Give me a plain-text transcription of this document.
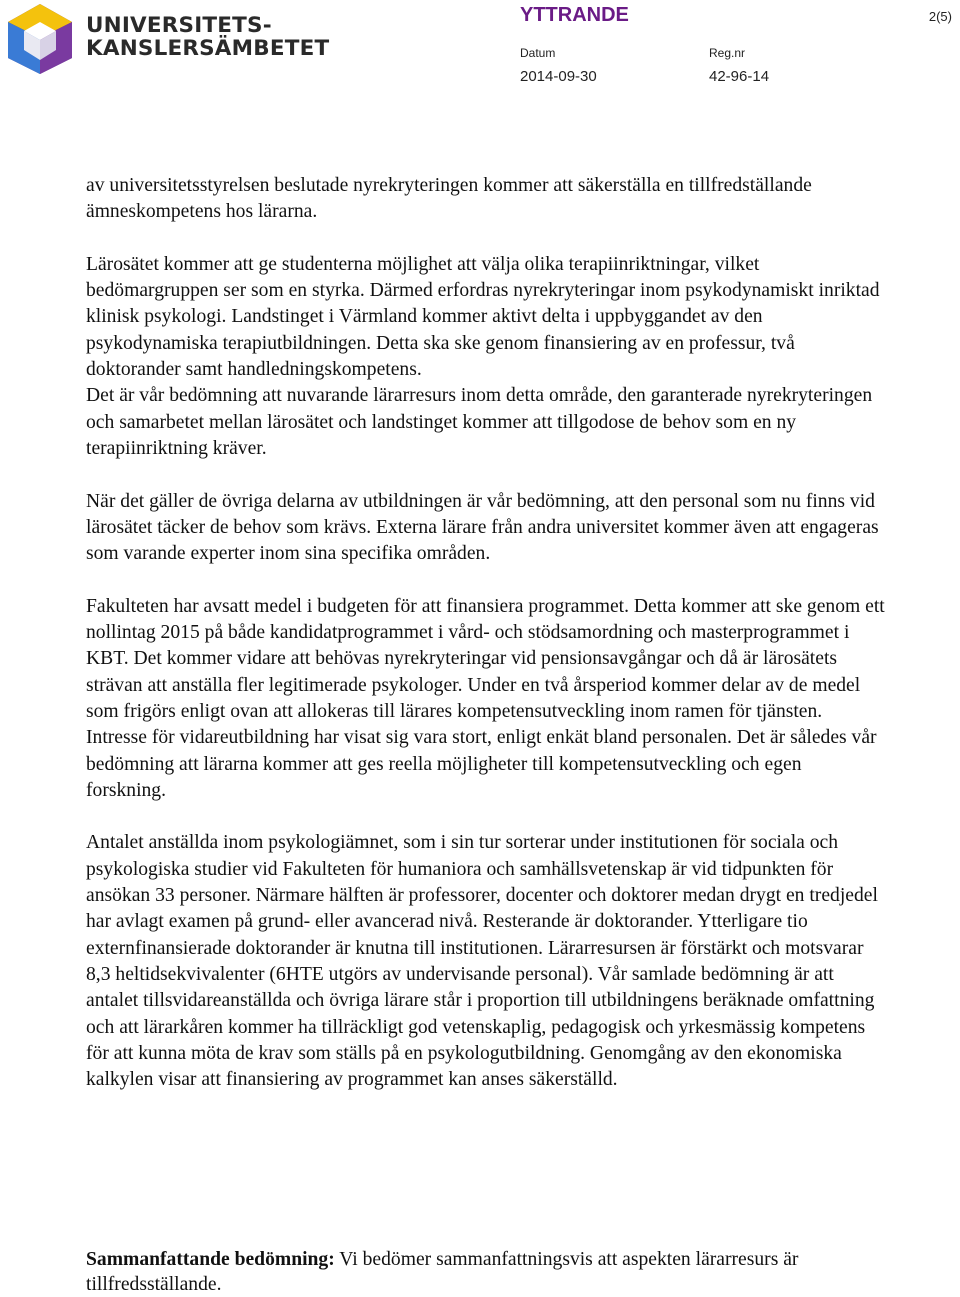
UNIVERSITETS-
KANSLERSÄMBETET
YTTRANDE	2(5)
Datum	Reg.nr
2014-09-30	42-96-14

av universitetsstyrelsen beslutade nyrekryteringen kommer att säkerställa en tillfredställande ämneskompetens hos lärarna.

Lärosätet kommer att ge studenterna möjlighet att välja olika terapiinriktningar, vilket bedömargruppen ser som en styrka. Därmed erfordras nyrekryteringar inom psykodynamiskt inriktad klinisk psykologi. Landstinget i Värmland kommer aktivt delta i uppbyggandet av den psykodynamiska terapiutbildningen. Detta ska ske genom finansiering av en professur, två doktorander samt handledningskompetens.

Det är vår bedömning att nuvarande lärarresurs inom detta område, den garanterade nyrekryteringen och samarbetet mellan lärosätet och landstinget kommer att tillgodose de behov som en ny terapiinriktning kräver.

När det gäller de övriga delarna av utbildningen är vår bedömning, att den personal som nu finns vid lärosätet täcker de behov som krävs. Externa lärare från andra universitet kommer även att engageras som varande experter inom sina specifika områden.

Fakulteten har avsatt medel i budgeten för att finansiera programmet. Detta kommer att ske genom ett nollintag 2015 på både kandidatprogrammet i vård- och stödsamordning och masterprogrammet i KBT. Det kommer vidare att behövas nyrekryteringar vid pensionsavgångar och då är lärosätets strävan att anställa fler legitimerade psykologer. Under en två årsperiod kommer delar av de medel som frigörs enligt ovan att allokeras till lärares kompetensutveckling inom ramen för tjänsten. Intresse för vidareutbildning har visat sig vara stort, enligt enkät bland personalen. Det är således vår bedömning att lärarna kommer att ges reella möjligheter till kompetensutveckling och egen forskning.

Antalet anställda inom psykologiämnet, som i sin tur sorterar under institutionen för sociala och psykologiska studier vid Fakulteten för humaniora och samhällsvetenskap är vid tidpunkten för ansökan 33 personer. Närmare hälften är professorer, docenter och doktorer medan drygt en tredjedel har avlagt examen på grund- eller avancerad nivå. Resterande är doktorander. Ytterligare tio externfinansierade doktorander är knutna till institutionen. Lärarresursen är förstärkt och motsvarar 8,3 heltidsekvivalenter (6HTE utgörs av undervisande personal). Vår samlade bedömning är att antalet tillsvidareanställda och övriga lärare står i proportion till utbildningens beräknade omfattning och att lärarkåren kommer ha tillräckligt god vetenskaplig, pedagogisk och yrkesmässig kompetens för att kunna möta de krav som ställs på en psykologutbildning. Genomgång av den ekonomiska kalkylen visar att finansiering av programmet kan anses säkerställd.

Sammanfattande bedömning: Vi bedömer sammanfattningsvis att aspekten lärarresurs är tillfredsställande.
